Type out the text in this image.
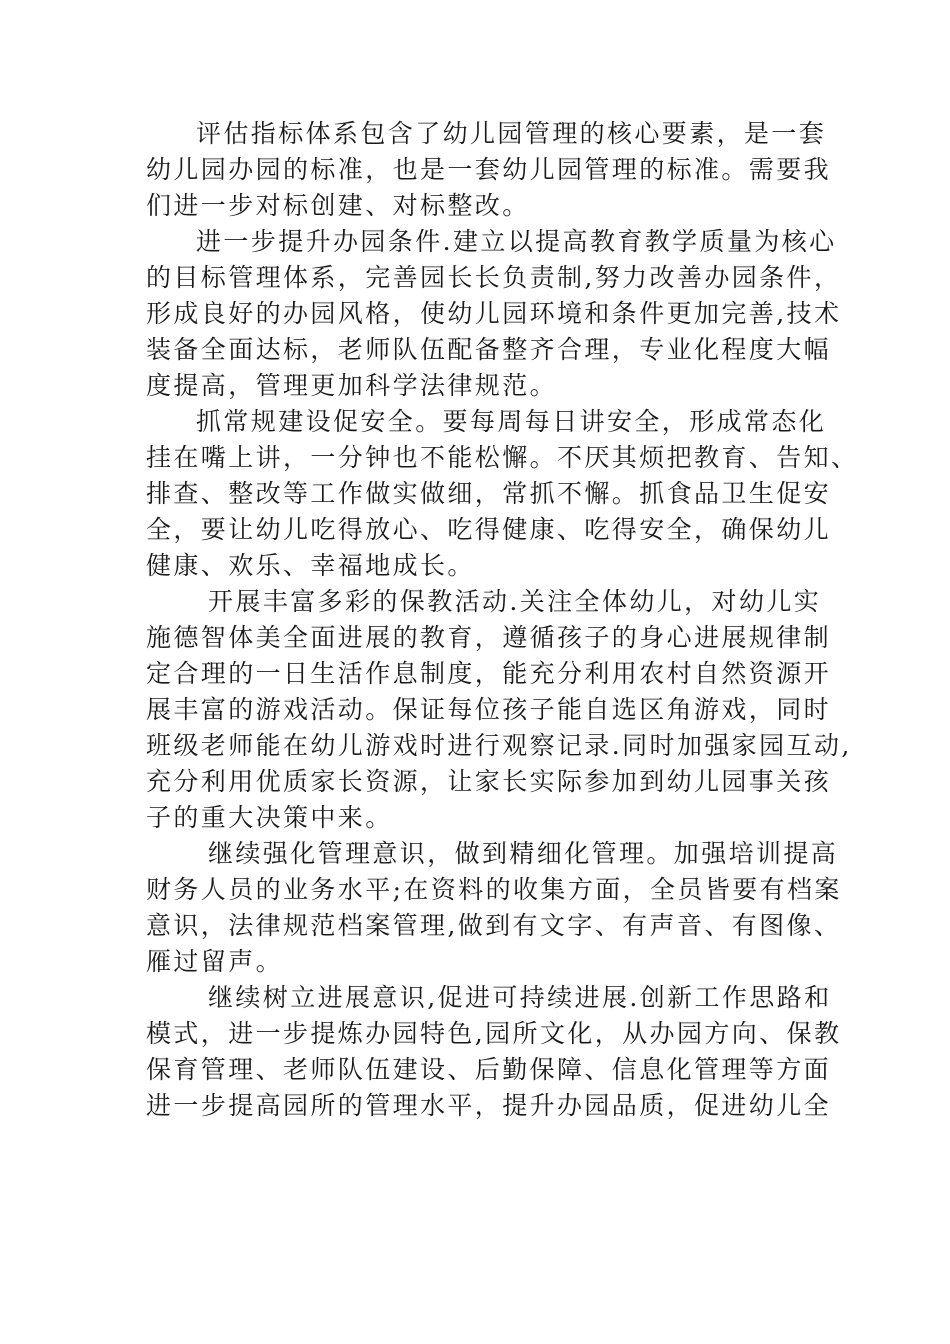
评估指标体系包含了幼儿园管理的核心要素，是一套
幼儿园办园的标准，也是一套幼儿园管理的标准。需要我
们进一步对标创建、对标整改。
进一步提升办园条件.建立以提高教育教学质量为核心
的目标管理体系，完善园长长负责制,努力改善办园条件，
形成良好的办园风格，使幼儿园环境和条件更加完善,技术
装备全面达标，老师队伍配备整齐合理，专业化程度大幅
度提高，管理更加科学法律规范。
抓常规建设促安全。要每周每日讲安全，形成常态化
挂在嘴上讲，一分钟也不能松懈。不厌其烦把教育、告知、
排查、整改等工作做实做细，常抓不懈。抓食品卫生促安
全，要让幼儿吃得放心、吃得健康、吃得安全，确保幼儿
健康、欢乐、幸福地成长。
开展丰富多彩的保教活动.关注全体幼儿，对幼儿实
施德智体美全面进展的教育，遵循孩子的身心进展规律制
定合理的一日生活作息制度，能充分利用农村自然资源开
展丰富的游戏活动。保证每位孩子能自选区角游戏，同时
班级老师能在幼儿游戏时进行观察记录.同时加强家园互动,
充分利用优质家长资源，让家长实际参加到幼儿园事关孩
子的重大决策中来。
继续强化管理意识，做到精细化管理。加强培训提高
财务人员的业务水平;在资料的收集方面，全员皆要有档案
意识，法律规范档案管理,做到有文字、有声音、有图像、
雁过留声。
继续树立进展意识,促进可持续进展.创新工作思路和
模式，进一步提炼办园特色,园所文化，从办园方向、保教
保育管理、老师队伍建设、后勤保障、信息化管理等方面
进一步提高园所的管理水平，提升办园品质，促进幼儿全
